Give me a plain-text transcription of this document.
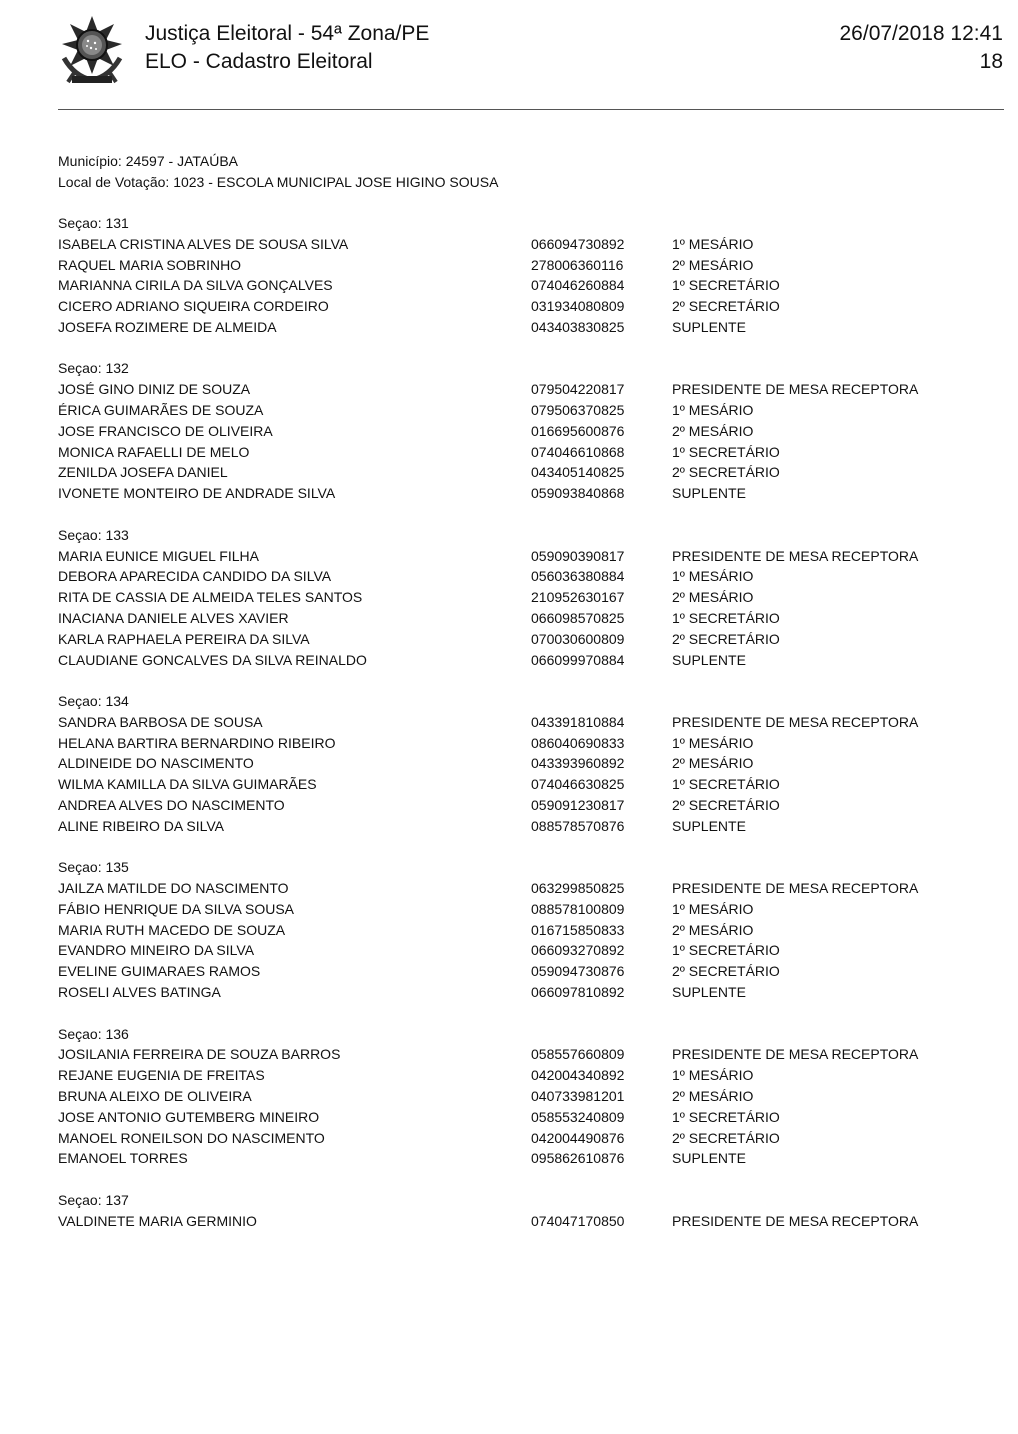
Justiça Eleitoral - 54ª Zona/PE
ELO - Cadastro Eleitoral
26/07/2018 12:41
18
Município: 24597 - JATAÚBA
Local de Votação: 1023 - ESCOLA MUNICIPAL JOSE HIGINO SOUSA
Seçao: 131
ISABELA CRISTINA ALVES DE SOUSA SILVA	066094730892	1º MESÁRIO
RAQUEL MARIA SOBRINHO	278006360116	2º MESÁRIO
MARIANNA CIRILA DA SILVA GONÇALVES	074046260884	1º SECRETÁRIO
CICERO ADRIANO SIQUEIRA CORDEIRO	031934080809	2º SECRETÁRIO
JOSEFA ROZIMERE DE ALMEIDA	043403830825	SUPLENTE
Seçao: 132
JOSÉ GINO DINIZ DE SOUZA	079504220817	PRESIDENTE DE MESA RECEPTORA
ÉRICA GUIMARÃES DE SOUZA	079506370825	1º MESÁRIO
JOSE FRANCISCO DE OLIVEIRA	016695600876	2º MESÁRIO
MONICA RAFAELLI DE MELO	074046610868	1º SECRETÁRIO
ZENILDA JOSEFA DANIEL	043405140825	2º SECRETÁRIO
IVONETE MONTEIRO DE ANDRADE SILVA	059093840868	SUPLENTE
Seçao: 133
MARIA EUNICE MIGUEL FILHA	059090390817	PRESIDENTE DE MESA RECEPTORA
DEBORA APARECIDA CANDIDO DA SILVA	056036380884	1º MESÁRIO
RITA DE CASSIA DE ALMEIDA TELES SANTOS	210952630167	2º MESÁRIO
INACIANA DANIELE ALVES XAVIER	066098570825	1º SECRETÁRIO
KARLA RAPHAELA PEREIRA DA SILVA	070030600809	2º SECRETÁRIO
CLAUDIANE GONCALVES DA SILVA REINALDO	066099970884	SUPLENTE
Seçao: 134
SANDRA BARBOSA DE SOUSA	043391810884	PRESIDENTE DE MESA RECEPTORA
HELANA BARTIRA BERNARDINO RIBEIRO	086040690833	1º MESÁRIO
ALDINEIDE DO NASCIMENTO	043393960892	2º MESÁRIO
WILMA KAMILLA DA SILVA GUIMARÃES	074046630825	1º SECRETÁRIO
ANDREA ALVES DO NASCIMENTO	059091230817	2º SECRETÁRIO
ALINE RIBEIRO DA SILVA	088578570876	SUPLENTE
Seçao: 135
JAILZA MATILDE DO NASCIMENTO	063299850825	PRESIDENTE DE MESA RECEPTORA
FÁBIO HENRIQUE DA SILVA SOUSA	088578100809	1º MESÁRIO
MARIA RUTH MACEDO DE SOUZA	016715850833	2º MESÁRIO
EVANDRO MINEIRO DA SILVA	066093270892	1º SECRETÁRIO
EVELINE GUIMARAES RAMOS	059094730876	2º SECRETÁRIO
ROSELI ALVES BATINGA	066097810892	SUPLENTE
Seçao: 136
JOSILANIA FERREIRA DE SOUZA BARROS	058557660809	PRESIDENTE DE MESA RECEPTORA
REJANE EUGENIA DE FREITAS	042004340892	1º MESÁRIO
BRUNA ALEIXO DE OLIVEIRA	040733981201	2º MESÁRIO
JOSE ANTONIO GUTEMBERG MINEIRO	058553240809	1º SECRETÁRIO
MANOEL RONEILSON DO NASCIMENTO	042004490876	2º SECRETÁRIO
EMANOEL TORRES	095862610876	SUPLENTE
Seçao: 137
VALDINETE MARIA GERMINIO	074047170850	PRESIDENTE DE MESA RECEPTORA
